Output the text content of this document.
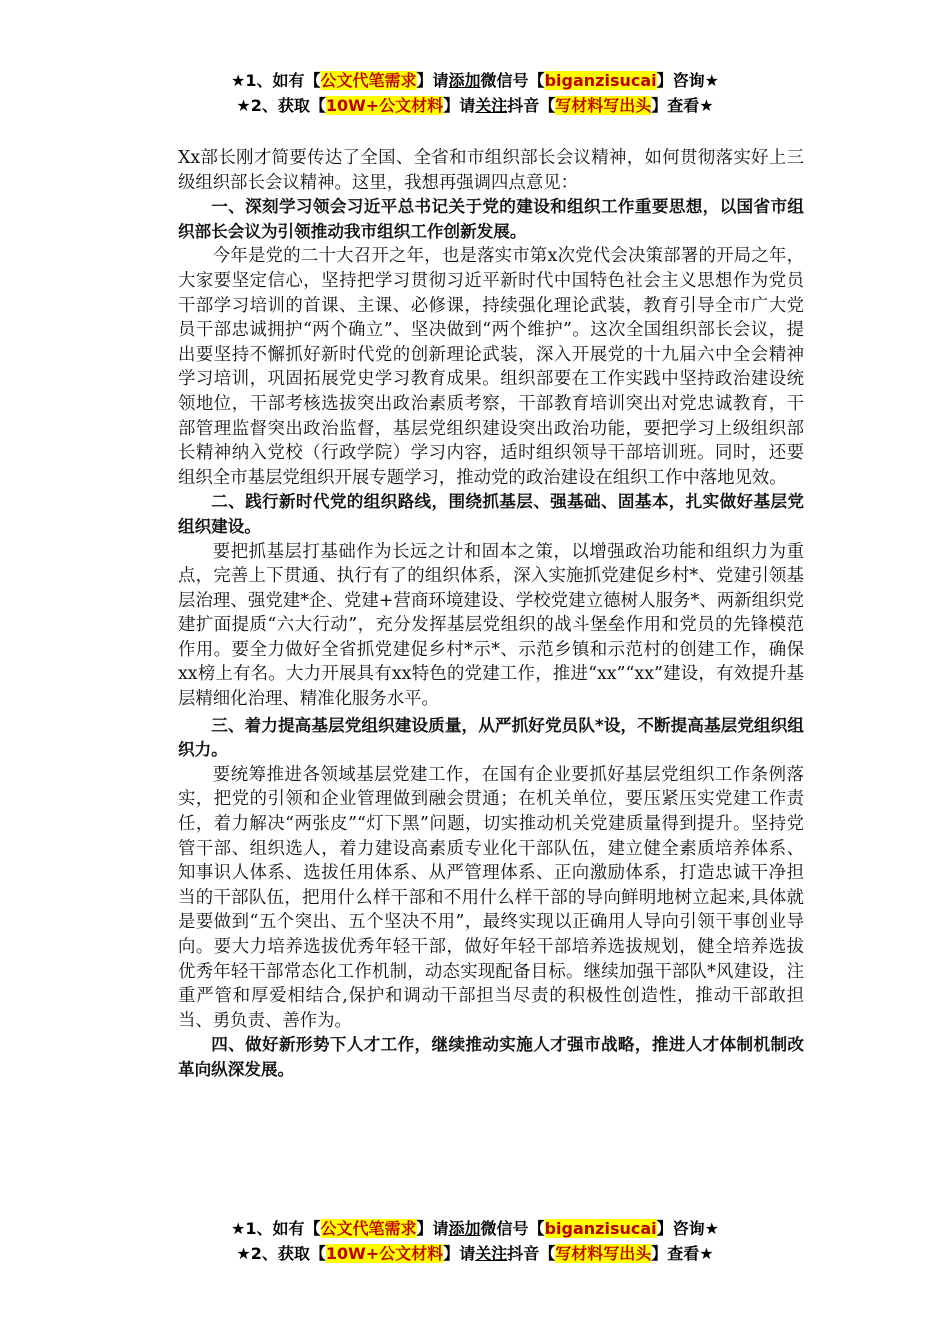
★1、如有【公文代笔需求】请添加微信号【biganzisucai】咨询★
★2、获取【10W+公文材料】请关注抖音【写材料写出头】查看★

Xx部长刚才简要传达了全国、全省和市组织部长会议精神，如何贯彻落实好上三级组织部长会议精神。这里，我想再强调四点意见：

一、深刻学习领会习近平总书记关于党的建设和组织工作重要思想，以国省市组织部长会议为引领推动我市组织工作创新发展。

今年是党的二十大召开之年，也是落实市第x次党代会决策部署的开局之年，大家要坚定信心，坚持把学习贯彻习近平新时代中国特色社会主义思想作为党员干部学习培训的首课、主课、必修课，持续强化理论武装，教育引导全市广大党员干部忠诚拥护“两个确立”、坚决做到“两个维护”。这次全国组织部长会议，提出要坚持不懈抓好新时代党的创新理论武装，深入开展党的十九届六中全会精神学习培训，巩固拓展党史学习教育成果。组织部要在工作实践中坚持政治建设统领地位，干部考核选拔突出政治素质考察，干部教育培训突出对党忠诚教育，干部管理监督突出政治监督，基层党组织建设突出政治功能，要把学习上级组织部长精神纳入党校（行政学院）学习内容，适时组织领导干部培训班。同时，还要组织全市基层党组织开展专题学习，推动党的政治建设在组织工作中落地见效。

二、践行新时代党的组织路线，围绕抓基层、强基础、固基本，扎实做好基层党组织建设。

要把抓基层打基础作为长远之计和固本之策，以增强政治功能和组织力为重点，完善上下贯通、执行有了的组织体系，深入实施抓党建促乡村*、党建引领基层治理、强党建*企、党建+营商环境建设、学校党建立德树人服务*、两新组织党建扩面提质“六大行动”，充分发挥基层党组织的战斗堡垒作用和党员的先锋模范作用。要全力做好全省抓党建促乡村*示*、示范乡镇和示范村的创建工作，确保xx榜上有名。大力开展具有xx特色的党建工作，推进“xx”“xx”建设，有效提升基层精细化治理、精准化服务水平。

三、着力提高基层党组织建设质量，从严抓好党员队*设，不断提高基层党组织组织力。

要统筹推进各领域基层党建工作，在国有企业要抓好基层党组织工作条例落实，把党的引领和企业管理做到融会贯通；在机关单位，要压紧压实党建工作责任，着力解决“两张皮”“灯下黑”问题，切实推动机关党建质量得到提升。坚持党管干部、组织选人，着力建设高素质专业化干部队伍，建立健全素质培养体系、知事识人体系、选拔任用体系、从严管理体系、正向激励体系，打造忠诚干净担当的干部队伍，把用什么样干部和不用什么样干部的导向鲜明地树立起来,具体就是要做到“五个突出、五个坚决不用”，最终实现以正确用人导向引领干事创业导向。要大力培养选拔优秀年轻干部，做好年轻干部培养选拔规划，健全培养选拔优秀年轻干部常态化工作机制，动态实现配备目标。继续加强干部队*风建设，注重严管和厚爱相结合,保护和调动干部担当尽责的积极性创造性，推动干部敢担当、勇负责、善作为。

四、做好新形势下人才工作，继续推动实施人才强市战略，推进人才体制机制改革向纵深发展。

★1、如有【公文代笔需求】请添加微信号【biganzisucai】咨询★
★2、获取【10W+公文材料】请关注抖音【写材料写出头】查看★
